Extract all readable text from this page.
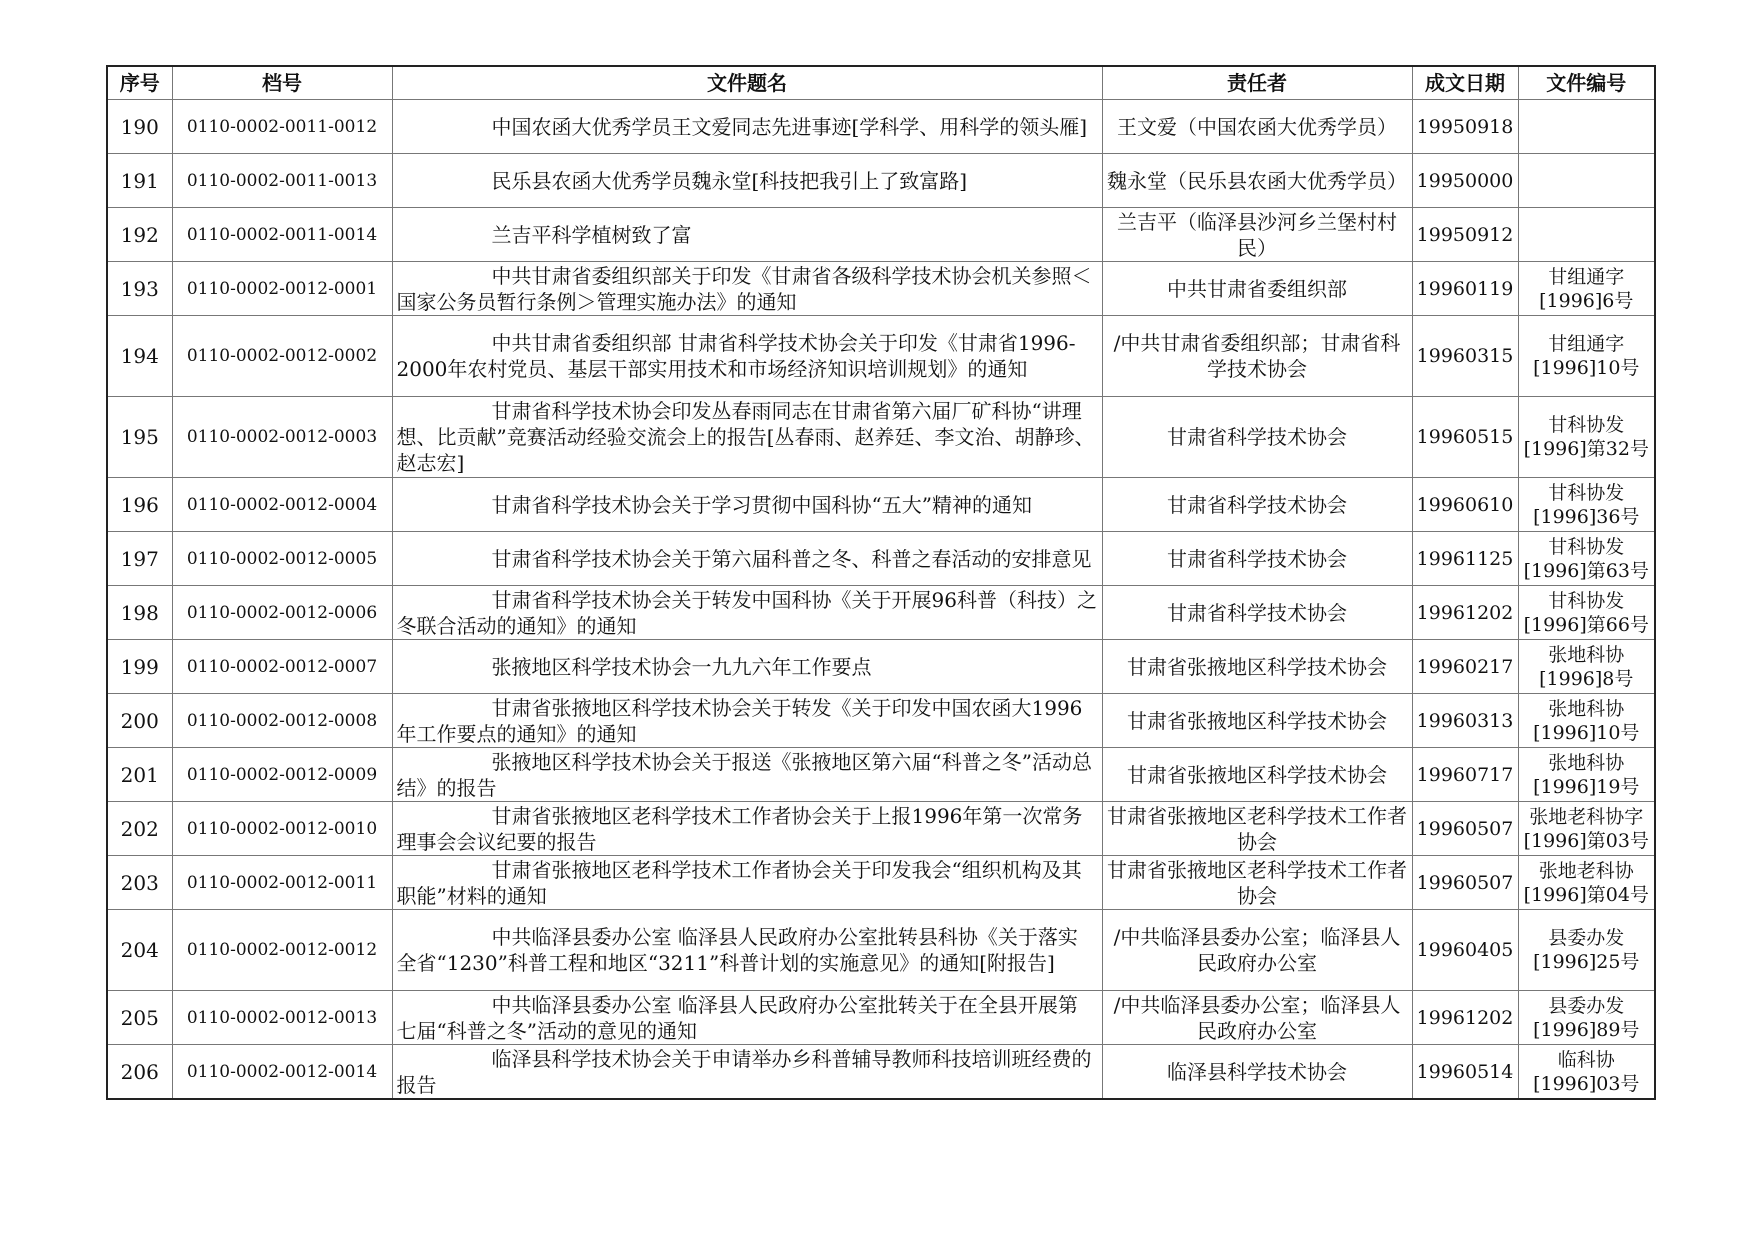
序号	档号	文件题名	责任者	成文日期	文件编号
190	0110-0002-0011-0012	中国农函大优秀学员王文爱同志先进事迹[学科学、用科学的领头雁]	王文爱（中国农函大优秀学员）	19950918	
191	0110-0002-0011-0013	民乐县农函大优秀学员魏永堂[科技把我引上了致富路]	魏永堂（民乐县农函大优秀学员）	19950000	
192	0110-0002-0011-0014	兰吉平科学植树致了富	兰吉平（临泽县沙河乡兰堡村村民）	19950912	
193	0110-0002-0012-0001	中共甘肃省委组织部关于印发《甘肃省各级科学技术协会机关参照＜国家公务员暂行条例＞管理实施办法》的通知	中共甘肃省委组织部	19960119	甘组通字[1996]6号
194	0110-0002-0012-0002	中共甘肃省委组织部 甘肃省科学技术协会关于印发《甘肃省1996-2000年农村党员、基层干部实用技术和市场经济知识培训规划》的通知	/中共甘肃省委组织部；甘肃省科学技术协会	19960315	甘组通字[1996]10号
195	0110-0002-0012-0003	甘肃省科学技术协会印发丛春雨同志在甘肃省第六届厂矿科协“讲理想、比贡献”竞赛活动经验交流会上的报告[丛春雨、赵养廷、李文治、胡静珍、赵志宏]	甘肃省科学技术协会	19960515	甘科协发[1996]第32号
196	0110-0002-0012-0004	甘肃省科学技术协会关于学习贯彻中国科协“五大”精神的通知	甘肃省科学技术协会	19960610	甘科协发[1996]36号
197	0110-0002-0012-0005	甘肃省科学技术协会关于第六届科普之冬、科普之春活动的安排意见	甘肃省科学技术协会	19961125	甘科协发[1996]第63号
198	0110-0002-0012-0006	甘肃省科学技术协会关于转发中国科协《关于开展96科普（科技）之冬联合活动的通知》的通知	甘肃省科学技术协会	19961202	甘科协发[1996]第66号
199	0110-0002-0012-0007	张掖地区科学技术协会一九九六年工作要点	甘肃省张掖地区科学技术协会	19960217	张地科协[1996]8号
200	0110-0002-0012-0008	甘肃省张掖地区科学技术协会关于转发《关于印发中国农函大1996年工作要点的通知》的通知	甘肃省张掖地区科学技术协会	19960313	张地科协[1996]10号
201	0110-0002-0012-0009	张掖地区科学技术协会关于报送《张掖地区第六届“科普之冬”活动总结》的报告	甘肃省张掖地区科学技术协会	19960717	张地科协[1996]19号
202	0110-0002-0012-0010	甘肃省张掖地区老科学技术工作者协会关于上报1996年第一次常务理事会会议纪要的报告	甘肃省张掖地区老科学技术工作者协会	19960507	张地老科协字[1996]第03号
203	0110-0002-0012-0011	甘肃省张掖地区老科学技术工作者协会关于印发我会“组织机构及其职能”材料的通知	甘肃省张掖地区老科学技术工作者协会	19960507	张地老科协[1996]第04号
204	0110-0002-0012-0012	中共临泽县委办公室 临泽县人民政府办公室批转县科协《关于落实全省“1230”科普工程和地区“3211”科普计划的实施意见》的通知[附报告]	/中共临泽县委办公室；临泽县人民政府办公室	19960405	县委办发[1996]25号
205	0110-0002-0012-0013	中共临泽县委办公室 临泽县人民政府办公室批转关于在全县开展第七届“科普之冬”活动的意见的通知	/中共临泽县委办公室；临泽县人民政府办公室	19961202	县委办发[1996]89号
206	0110-0002-0012-0014	临泽县科学技术协会关于申请举办乡科普辅导教师科技培训班经费的报告	临泽县科学技术协会	19960514	临科协[1996]03号
